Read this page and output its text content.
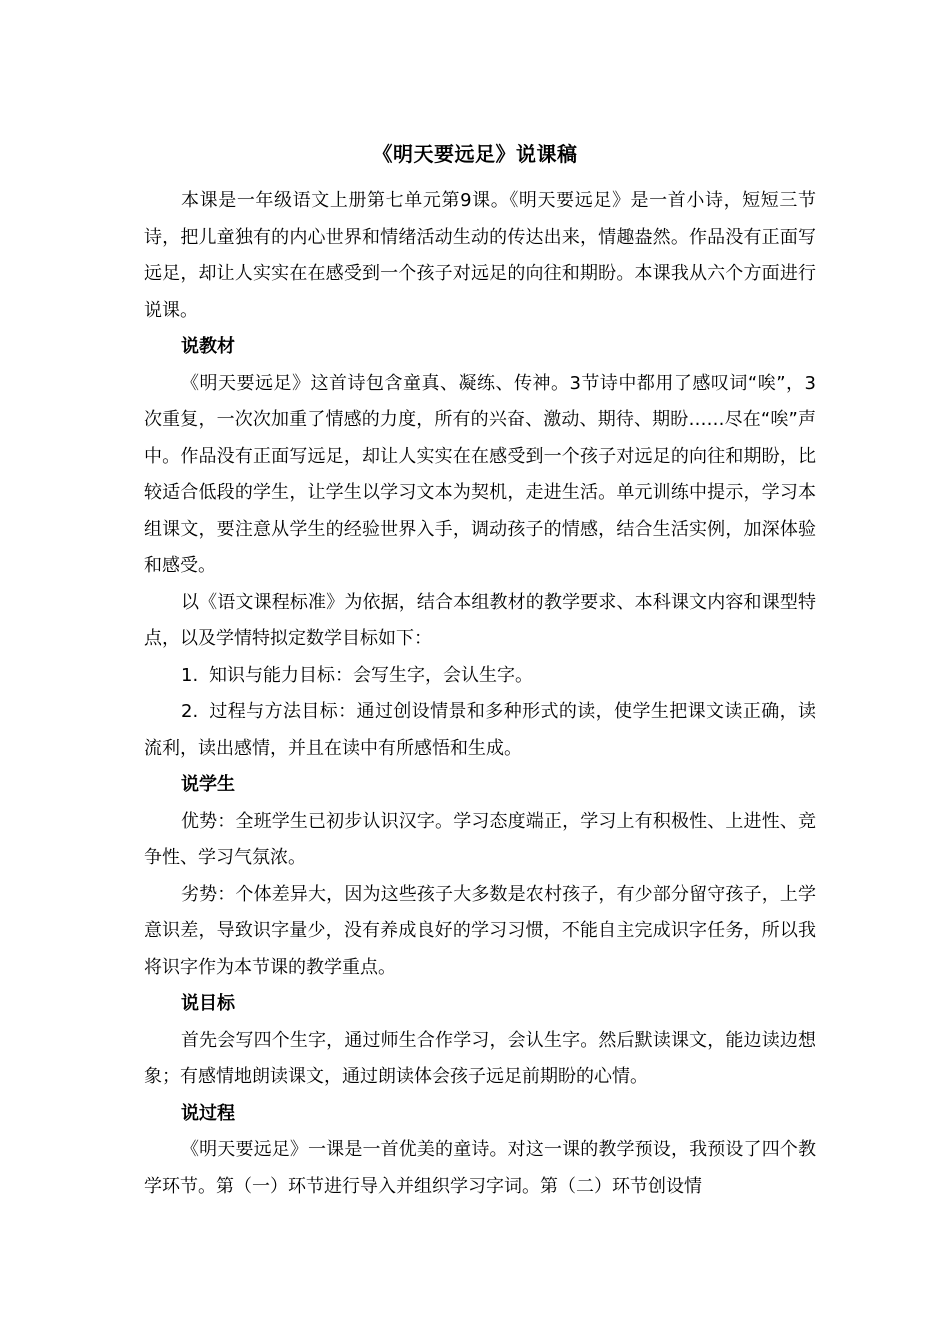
《明天要远足》说课稿

本课是一年级语文上册第七单元第9课。《明天要远足》是一首小诗，短短三节诗，把儿童独有的内心世界和情绪活动生动的传达出来，情趣盎然。作品没有正面写远足，却让人实实在在感受到一个孩子对远足的向往和期盼。本课我从六个方面进行说课。

说教材

《明天要远足》这首诗包含童真、凝练、传神。3节诗中都用了感叹词“唉”，3次重复，一次次加重了情感的力度，所有的兴奋、激动、期待、期盼……尽在“唉”声中。作品没有正面写远足，却让人实实在在感受到一个孩子对远足的向往和期盼，比较适合低段的学生，让学生以学习文本为契机，走进生活。单元训练中提示，学习本组课文，要注意从学生的经验世界入手，调动孩子的情感，结合生活实例，加深体验和感受。

以《语文课程标准》为依据，结合本组教材的教学要求、本科课文内容和课型特点，以及学情特拟定数学目标如下：

1. 知识与能力目标：会写生字，会认生字。

2. 过程与方法目标：通过创设情景和多种形式的读，使学生把课文读正确，读流利，读出感情，并且在读中有所感悟和生成。

说学生

优势：全班学生已初步认识汉字。学习态度端正，学习上有积极性、上进性、竞争性、学习气氛浓。

劣势：个体差异大，因为这些孩子大多数是农村孩子，有少部分留守孩子，上学意识差，导致识字量少，没有养成良好的学习习惯，不能自主完成识字任务，所以我将识字作为本节课的教学重点。

说目标

首先会写四个生字，通过师生合作学习，会认生字。然后默读课文，能边读边想象；有感情地朗读课文，通过朗读体会孩子远足前期盼的心情。

说过程

《明天要远足》一课是一首优美的童诗。对这一课的教学预设，我预设了四个教学环节。第（一）环节进行导入并组织学习字词。第（二）环节创设情
